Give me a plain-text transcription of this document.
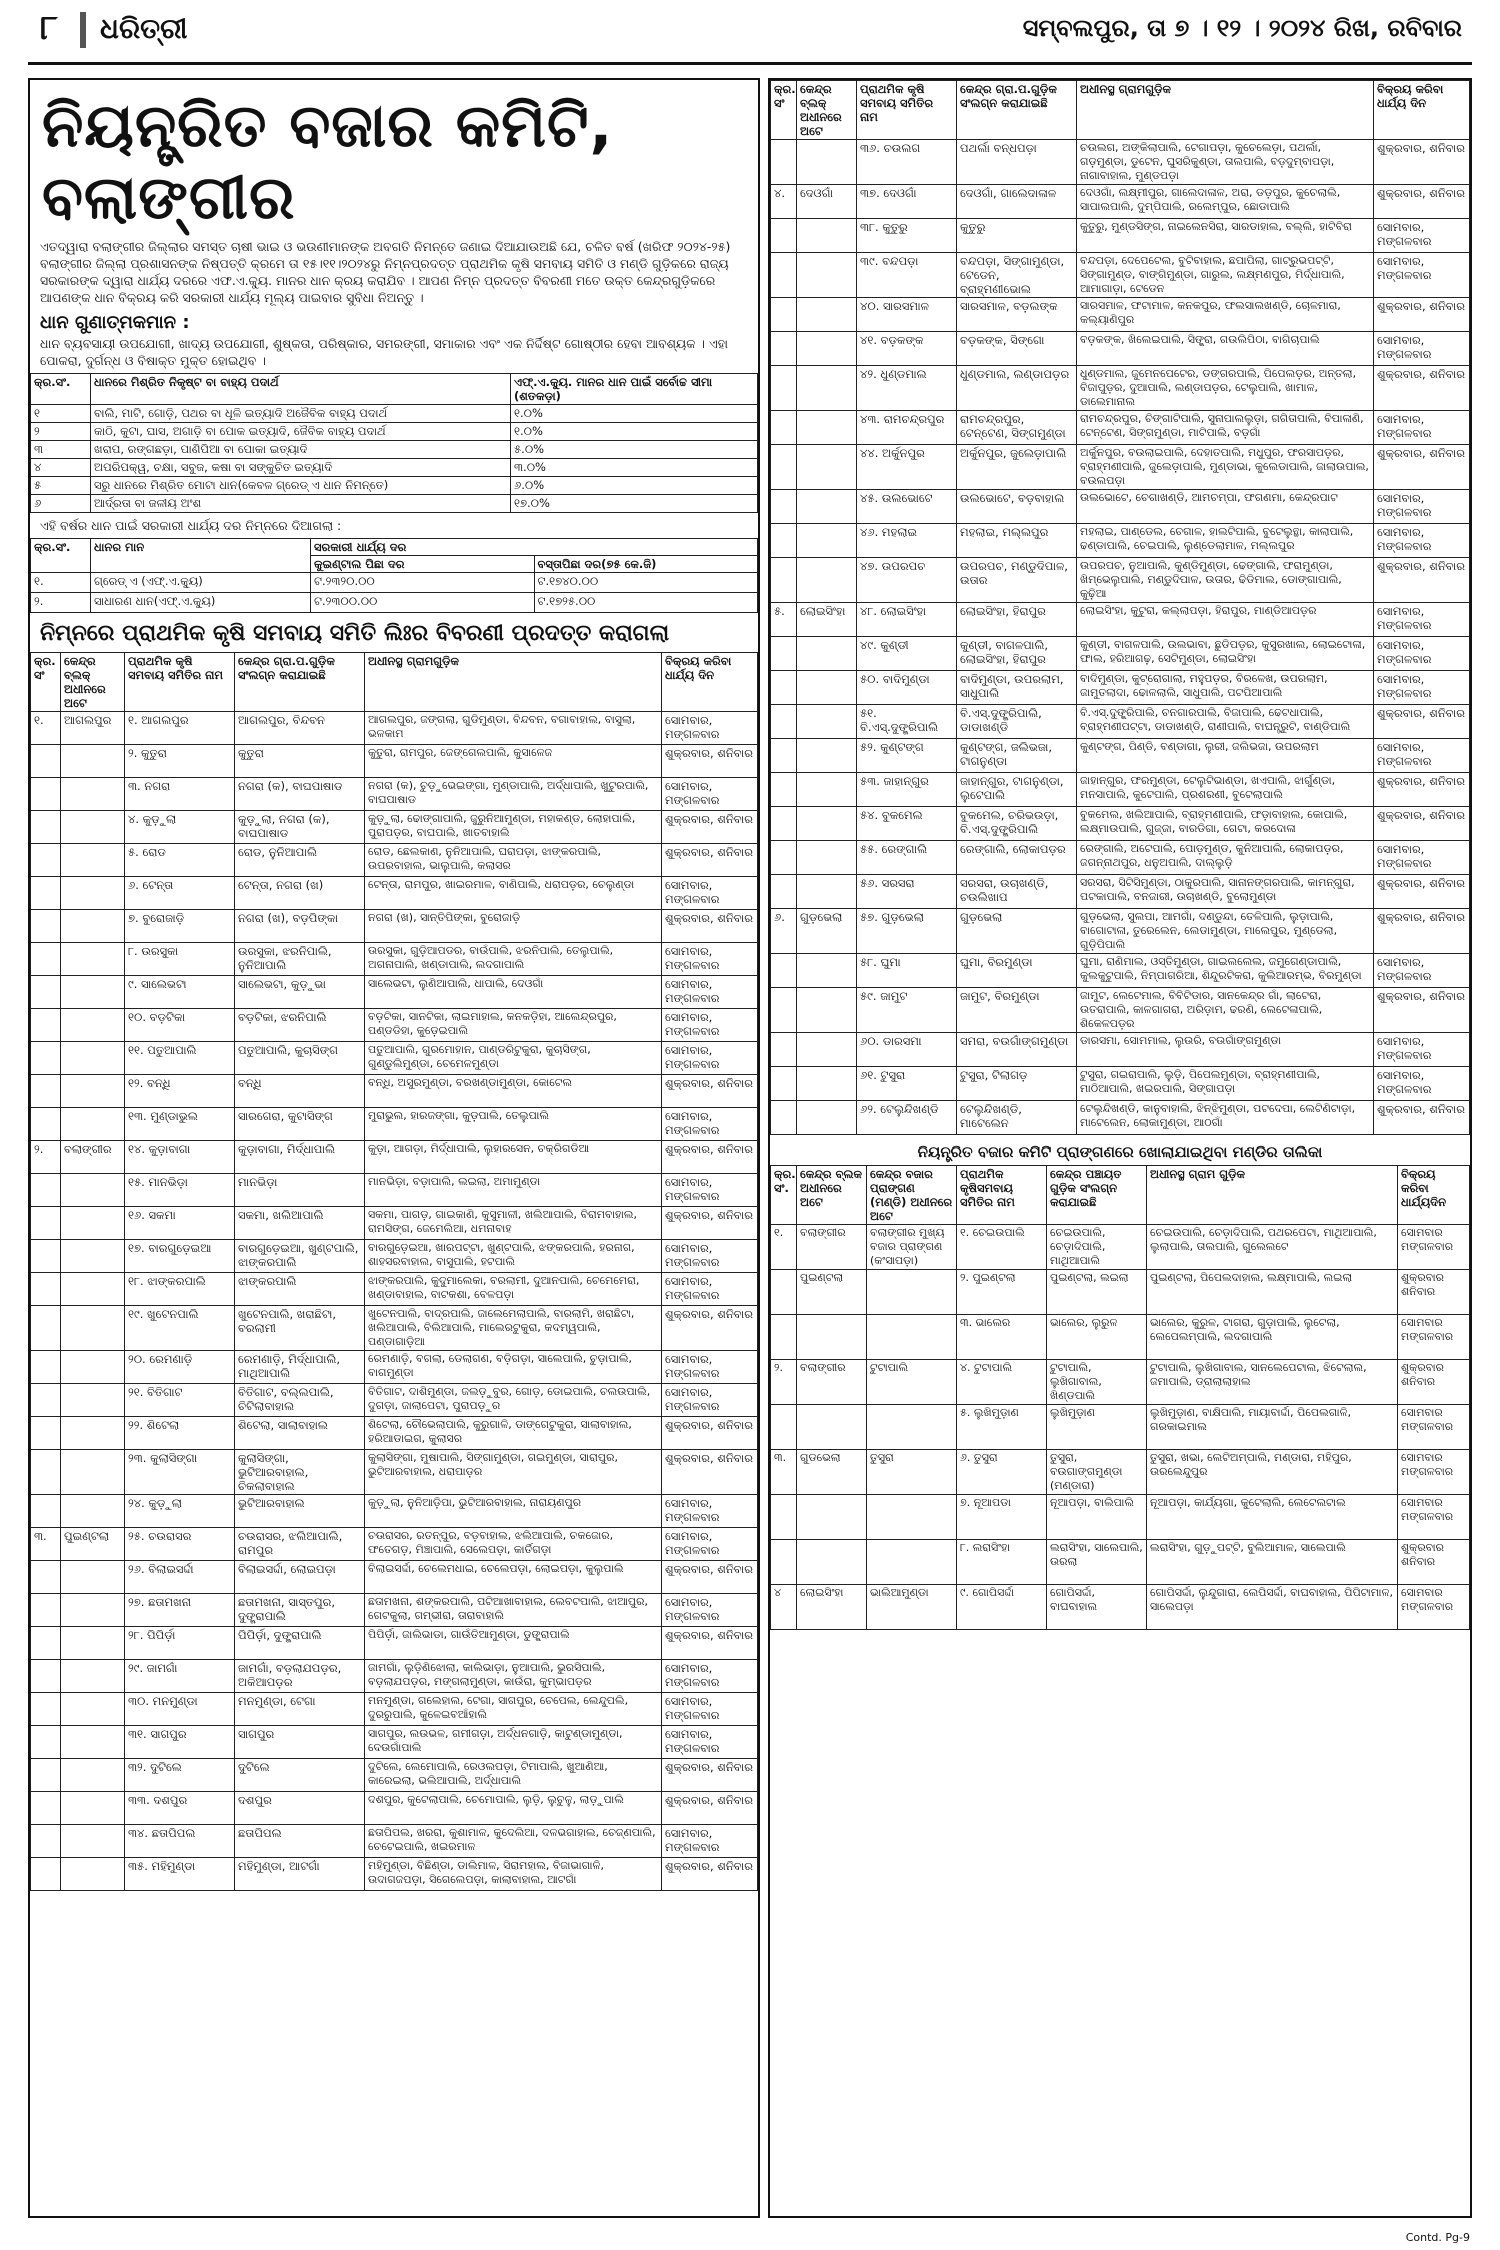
୮ ଧରିତ୍ରୀ	ସମ୍ବଲପୁର, ତା ୭ । ୧୨ । ୨୦୨୪ ରିଖ, ରବିବାର
ନିୟନ୍ତ୍ରିତ ବଜାର କମିଟି, ବଲାଙ୍ଗୀର
ଏତଦ୍ୱାରା ବଲାଙ୍ଗୀର ଜିଲ୍ଲାର ସମସ୍ତ ଚାଷୀ ଭାଇ ଓ ଭଉଣୀମାନଙ୍କ ଅବଗତି ନିମନ୍ତେ ଜଣାଇ ଦିଆଯାଉଅଛି ଯେ, ଚଳିତ ବର୍ଷ (ଖରିଫ ୨୦୨୪-୨୫) ବଲାଙ୍ଗୀର ଜିଲ୍ଲା ପ୍ରଶାସନଙ୍କ ନିଷ୍ପତ୍ତି କ୍ରମେ ତା ୧୫।୧୧।୨୦୨୪ରୁ ନିମ୍ନପ୍ରଦତ୍ତ ପ୍ରାଥମିକ କୃଷି ସମବାୟ ସମିତି ଓ ମଣ୍ଡି ଗୁଡ଼ିକରେ ରାଜ୍ୟ ସରକାରଙ୍କ ଦ୍ୱାରା ଧାର୍ଯ୍ୟ ଦରରେ ଏଫ.ଏ.କ୍ୟୁ. ମାନର ଧାନ କ୍ରୟ କରାଯିବ । ଆପଣ ନିମ୍ନ ପ୍ରଦତ୍ତ ବିବରଣୀ ମତେ ଉକ୍ତ କେନ୍ଦ୍ରଗୁଡ଼ିକରେ ଆପଣଙ୍କ ଧାନ ବିକ୍ରୟ କରି ସରକାରୀ ଧାର୍ଯ୍ୟ ମୂଲ୍ୟ ପାଇବାର ସୁବିଧା ନିଅନ୍ତୁ ।
ଧାନ ଗୁଣାତ୍ମକମାନ :
ଧାନ ବ୍ୟବସାୟୀ ଉପଯୋଗୀ, ଖାଦ୍ୟ ଉପଯୋଗୀ, ଶୁଷ୍କତା, ପରିଷ୍କାର, ସମରଙ୍ଗୀ, ସମାକାର ଏବଂ ଏକ ନିର୍ଦ୍ଦିଷ୍ଟ ଗୋଷ୍ଠୀର ହେବା ଆବଶ୍ୟକ । ଏହା ପୋକରା, ଦୁର୍ଗନ୍ଧ ଓ ବିଷାକ୍ତ ମୁକ୍ତ ହୋଇଥିବ ।
କ୍ର.ସଂ.	ଧାନରେ ମିଶ୍ରିତ ନିକୃଷ୍ଟ ବା ବାହ୍ୟ ପଦାର୍ଥ	ଏଫ୍.ଏ.କ୍ୟୁ. ମାନର ଧାନ ପାଇଁ ସର୍ବୋଚ୍ଚ ସୀମା (ଶତକଡ଼ା)
୧	ବାଲି, ମାଟି, ଗୋଡ଼ି, ପଥର ବା ଧୂଳି ଇତ୍ୟାଦି ଅଜୈବିକ ବାହ୍ୟ ପଦାର୍ଥ	୧.୦%
୨	କାଠି, କୁଟା, ଘାସ, ଅଗାଡ଼ି ବା ପୋକ ଇତ୍ୟାଦି, ଜୈବିକ ବାହ୍ୟ ପଦାର୍ଥ	୧.୦%
୩	ଖରାପ, ରଙ୍ଗଛଡ଼ା, ପାଣିପିଆ ବା ପୋକା ଇତ୍ୟାଦି	୫.୦%
୪	ଅପରିପକ୍ୱ, ଚକ୍ଷା, ସବୁଜ, କଷା ବା ସଙ୍କୁଚିତ ଇତ୍ୟାଦି	୩.୦%
୫	ସରୁ ଧାନରେ ମିଶ୍ରିତ ମୋଟା ଧାନ(କେବଳ ଗ୍ରେଡ୍ ଏ ଧାନ ନିମନ୍ତେ)	୬.୦%
୬	ଆର୍ଦ୍ରତା ବା ଜଳୀୟ ଅଂଶ	୧୭.୦%
ଏହି ବର୍ଷର ଧାନ ପାଇଁ ସରକାରୀ ଧାର୍ଯ୍ୟ ଦର ନିମ୍ନରେ ଦିଆଗଲା :
କ୍ର.ସଂ.	ଧାନର ମାନ	ସରକାରୀ ଧାର୍ଯ୍ୟ ଦର	
		କୁଇଣ୍ଟାଲ ପିଛା ଦର	ବସ୍ତାପିଛା ଦର(୭୫ କେ.ଜି)
୧.	ଗ୍ରେଡ୍ ଏ (ଏଫ୍.ଏ.କ୍ୟୁ)	ଟ.୨୩୨୦.୦୦	ଟ.୧୭୪୦.୦୦
୨.	ସାଧାରଣ ଧାନ(ଏଫ୍.ଏ.କ୍ୟୁ)	ଟ.୨୩୦୦.୦୦	ଟ.୧୭୨୫.୦୦
ନିମ୍ନରେ ପ୍ରାଥମିକ କୃଷି ସମବାୟ ସମିତି ଲିଃର ବିବରଣୀ ପ୍ରଦତ୍ତ କରାଗଲା
କ୍ର. ସଂ	କେନ୍ଦ୍ର ବ୍ଲକ୍ ଅଧୀନରେ ଅଟେ	ପ୍ରାଥମିକ କୃଷି ସମବାୟ ସମିତିର ନାମ	କେନ୍ଦ୍ର ଗ୍ରା.ପ.ଗୁଡ଼ିକ ସଂଲଗ୍ନ କରାଯାଇଛି	ଅଧୀନସ୍ଥ ଗ୍ରାମଗୁଡ଼ିକ	ବିକ୍ରୟ କରିବା ଧାର୍ଯ୍ୟ ଦିନ
୧.	ଆଗଲପୁର	୧. ଆଗଲପୁର	ଆଗଲପୁର, ବିନ୍ଦବନ	ଆଗଲପୁର, ଜଙ୍ଗଲା, ଗୁଡିମୁଣ୍ଡା, ବିନ୍ଦବନ, ବଗାବାହାଲ, ବାସୁଲା, ଭଳକାମ	ସୋମବାର, ମଙ୍ଗଳବାର
		୨. କୁତୁରା	କୁତୁରା	କୁତୁରା, ରାମପୁର, ଜେଙ୍ଗେଲପାଲି, କୁସାଳେଜ	ଶୁକ୍ରବାର, ଶନିବାର
		୩. ନଗରା	ନଗରା (କ), ବାଘପାଷାଡ	ନଗରା (କ), ଚୁଡ଼ୁଭେଇଙ୍ଗା, ମୁଣ୍ଡାପାଲି, ଅର୍ଦ୍ଧାପାଲି, ଖୁଟୁରପାଲି, ବାଘପାଷାଡ	ସୋମବାର, ମଙ୍ଗଳବାର
		୪. କୁଡ଼ୁଲା	କୁଡ଼ୁଲା, ନଗରା (କ), ବାଘପାଷାଡ	କୁଡ଼ୁଲା, ଢୋଙ୍ଗାପାଲି, ଜୁରୁନିଆମୁଣ୍ଡା, ମହାକଣ୍ଡ, ଲୋହାପାଲି, ପୁରାପଡ଼ର, ବାଘପାଲି, ଖାତବାହାଲି	ଶୁକ୍ରବାର, ଶନିବାର
		୫. ରୋଡ	ରୋଡ, ନୁନିଆପାଲି	ରୋଡ, ଛେଲକାଣ, ନୁନିଆପାଲି, ଘରାପଡ଼ା, ଝାଙ୍କରପାଲି, ଉପରବାହାଲ, ଭାଲୁପାଲି, କଲାସର	ଶୁକ୍ରବାର, ଶନିବାର
		୬. ଟେନ୍ତା	ଟେନ୍ତା, ନଗରା (ଖ)	ଟେନ୍ତା, ରାମପୁର, ଖାଇରମାଳ, ବାଣିପାଲି, ଧରାପଡ଼ର, ଚେଲୁଣ୍ଡା	ସୋମବାର, ମଙ୍ଗଳବାର
		୭. ବୁରୋଜାଡ଼ି	ନଗରା (ଖ), ବଡ଼ପିଙ୍କା	ନଗରା (ଖ), ସାନ୍ତିପିଙ୍କା, ବୁରୋଜାଡ଼ି	ଶୁକ୍ରବାର, ଶନିବାର
		୮. ଉରସୁକା	ଉରସୁକା, ଝରନିପାଲି, ନୁନିଆପାଲି	ଉରସୁକା, ଗୁଡ଼ିଆପଡର, ବାଉଁପାଲି, ଝରନିପାଲି, ତେଲୁପାଲି, ଅଗନାପାଲି, ଖଣ୍ଡାପାଲି, ଲଦଗାପାଲି	ସୋମବାର, ମଙ୍ଗଳବାର
		୯. ସାଲେଭଟା	ସାଲେଭଟା, କୁଡ଼ୁଭା	ସାଲେଭଟା, ଲୁଣିଆପାଲି, ଧାପାଲି, ଦେଓଗାଁ	ସୋମବାର, ମଙ୍ଗଳବାର
		୧୦. ବଡ଼ଟିକା	ବଡ଼ଟିକା, ଝରନିପାଲି	ବଡ଼ଟିକା, ସାନଟିକା, ଲାଇମାହାଲ, କନକଡ଼ିହା, ଆଲେନ୍ଦ୍ରପୁର, ପଣ୍ଡଡିହା, କୁଡ଼େଇପାଲି	ସୋମବାର, ମଙ୍ଗଳବାର
		୧୧. ପତୁଆପାଲି	ପତୁଆପାଲି, କୁଚାସିଙ୍ଗ	ପତୁଆପାଲି, ଗୁରମୋହାନ, ପାଣ୍ଡରିଟୁକୁରା, କୁଚାସିଙ୍ଗ, ଗୁଣ୍ଡୁଲିମୁଣ୍ଡା, ଚେମେଳମୁଣ୍ଡା	ସୋମବାର, ମଙ୍ଗଳବାର
		୧୨. ବନ୍ଧି	ବନ୍ଧି	ବନ୍ଧି, ଅସୁରମୁଣ୍ଡା, ବରଖଣ୍ଡାମୁଣ୍ଡା, କୋଟେଲ	ଶୁକ୍ରବାର, ଶନିବାର
		୧୩. ମୁଣ୍ଡାଭୁଲ	ସାରଗେରା, କୁଟାସିଙ୍ଗ	ମୁରାଭୁଲ, ହାରଜଙ୍ଗା, କୁଡ଼ପାଲି, ତେଲୁପାଲି	ସୋମବାର, ମଙ୍ଗଳବାର
୨.	ବଲାଙ୍ଗୀର	୧୪. କୁଡ଼ାବାଗା	କୁଡ଼ାବାଗା, ମିର୍ଦ୍ଧାପାଲି	କୁଡ଼ା, ଆଗଡ଼ା, ମିର୍ଦ୍ଧାପାଲି, ଲୁହାରସେନ, ଚକ୍ରିଗଡିଆ	ଶୁକ୍ରବାର, ଶନିବାର
		୧୫. ମାନଭିଡ଼ା	ମାନଭିଡ଼ା	ମାନଭିଡ଼ା, ବଡ଼ାପାଲି, ଲଇଲା, ଅମାମୁଣ୍ଡା	ସୋମବାର, ମଙ୍ଗଳବାର
		୧୬. ସକମା	ସକମା, ଖଲିଆପାଲି	ସକମା, ପାଗଡ଼, ଗାଇକାଣି, କୁସୁମାଳୀ, ଖଲିଆପାଲି, ବିରାମବାହାଲ, ରାମସିଙ୍ଗ, ଜେମେଲିଆ, ଧମନାବାହ	ଶୁକ୍ରବାର, ଶନିବାର
		୧୭. ବାରଗୁଡ଼େଇଆ	ବାରଗୁଡ଼େଇଆ, ଖୁଣ୍ଟପାଲି, ଝାଙ୍କରପାଲି	ବାରଗୁଡ଼େଇଆ, ଖାରପଟ୍ଟା, ଖୁଣ୍ଟପାଲି, ଝଙ୍କରପାଲି, ହରନାଗ, ଶାହସରବାହାଲ, ବାସୁପାଲି, ହଟପାଲି	ସୋମବାର, ମଙ୍ଗଳବାର
		୧୮. ଝାଙ୍କରପାଲି	ଝାଙ୍କରପାଲି	ଝାଙ୍କରପାଲି, କୁଦୁମାଲେକା, ବରଲାମୀ, ଦୁଆନପାଲି, ଚେମେମେରା, ଖଣ୍ଡାବାହାଲ, ବାଟକଶା, ବେଳପଡ଼ା	ସୋମବାର, ମଙ୍ଗଳବାର
		୧୯. ଖୁଟେନପାଲି	ଖୁଟେନପାଲି, ଖରାଛିଟା, ବରଲାମୀ	ଖୁଟେନପାଲି, ବାଦ୍ରପାଲି, ଜାଲେମେଲାପାଲି, ବାରଲାମି, ଖରାଛିଟା, ଖଲିଆପାଲି, ବିଲିଆପାଲି, ମାଲେରଟୁକୁରା, କଦମ୍ୱପାଲି, ପଣ୍ଡାଗାଡ଼ିଆ	ଶୁକ୍ରବାର, ଶନିବାର
		୨୦. ରେମଣାଡ଼ି	ରେମଣାଡ଼ି, ମିର୍ଦ୍ଧାପାଲି, ମାଥିଆପାଲି	ରେମଣାଡ଼ି, ବଗଲା, ଡେଲାଗଣ, ବଡ଼ିଗଡ଼ା, ସାଲେପାଲି, ଚୁଡ଼ାପାଲି, ବାଗମୁଣ୍ଡା	ସୋମବାର, ମଙ୍ଗଳବାର
		୨୧. ବିତିଗାଟ	ବିତିଗାଟ, ବଲ୍ଲପାଲି, ଚିଟିଲାବାହାଲ	ବିତିଗାଟ, ଦାଶିମୁଣ୍ଡା, ଜଲଡ଼ୁବୁର, ଗୋଡ଼, ଡୋଇପାଲି, ଚଲଉପାଲି, ଦୁଗଡ଼ା, ଜାଲାପେଟା, ପୁରାପଡ଼ୁର	ସୋମବାର, ମଙ୍ଗଳବାର
		୨୨. ଶିଟେଲା	ଶିଟେଲା, ସାଲାବାହାଲ	ଶିଟେଲା, ଚୌଭେଲାପାଲି, କୁରୁଗାଳି, ଡାଙ୍ଗେଟୁକୁରା, ସାଲାବାହାଲ, ହରିଆଡାଇଗ, କୁଲାସର	ଶୁକ୍ରବାର, ଶନିବାର
		୨୩. କୁଲାସିଙ୍ଗା	କୁଲାସିଙ୍ଗା, ଭୁଟିଆରବାହାଲ, ଚିକଲାବାହାଲ	କୁଲାସିଙ୍ଗା, ମୁଷାପାଲି, ସିଙ୍ଗାମୁଣ୍ଡା, ଗଇମୁଣ୍ଡା, ସାରାପୁର, ଭୁଟିଆରବାହାଲ, ଧରାପାଡ଼ର	ଶୁକ୍ରବାର, ଶନିବାର
		୨୪. କୁଡ଼ୁଲା	ଭୁଟିଆରବାହାଲ	କୁଡ଼ୁଲା, ନୁନିଆଡ଼ିପା, ଭୁଟିଆରବାହାଲ, ନାରାୟଣପୁର	ସୋମବାର, ମଙ୍ଗଳବାର
୩.	ପୁଇଣ୍ଟଲା	୨୫. ଚଉରାସର	ଚଉରାସର, ଝଲିଆପାଲି, ରାମପୁର	ଚଉରାସର, ରତନ୍ପୁର, ବଡ଼ବାହାଲ, ଝଲିଆପାଲି, ଚକଜୋର, ଫତେଗଡ଼, ମିଞ୍ଚାପାଲି, ସେଲେପଡ଼ା, କାର୍ତିଗଡ଼ା	ସୋମବାର, ମଙ୍ଗଳବାର
		୨୬. ବିଲାଇସର୍ଦ୍ଦା	ବିଲାଇସର୍ଦ୍ଦା, ଲୋଇପଡ଼ା	ବିଲାଇସର୍ଦ୍ଦା, ଚେଲେମଧାଇ, ଚେଲେପଡ଼ା, ଲୋଇପଡ଼ା, କୁଲୁପାଲି	ଶୁକ୍ରବାର, ଶନିବାର
		୨୭. ଛତାମଖନା	ଛତାମଖନା, ସାସ୍ତପୁର, ଦୁଙ୍ଗ୍ରାପାଲି	ଛତାମଖନା, ଶଙ୍କରପାଲି, ପଟିଆଖାବାହାଲ, ଲେବଟପାଲି, ଝାଆପୁର, ଗେଟକୁଲା, ଗମ୍ଭୀରା, ତାରାବାହାଲି	ସୋମବାର, ମଙ୍ଗଳବାର
		୨୮. ପିପିର୍ଡ଼ା	ପିପିର୍ଡ଼ା, ଦୁଙ୍ଗ୍ରାପାଲି	ପିପିର୍ଡ଼ା, ଜାଲିଭାଡା, ଗାଉଁତିଆମୁଣ୍ଡା, ଡୁଙ୍ଗ୍ରାପାଲି	ଶୁକ୍ରବାର, ଶନିବାର
		୨୯. ଜାମଗାଁ	ଜାମଗାଁ, ବଡ଼ଲାଯପଡ଼ର, ଅକିଆପଡ଼ର	ଜାମଗାଁ, ଲୁଡ଼ିଣିଝୋଲା, କାଲିଭାଡ଼ା, ନୁଆପାଲି, ଭୁରସିପାଲି, ବଡ଼ଲାଯପଡ଼ର, ମଙ୍ଗଲାମୁଣ୍ଡା, କାଉଁରା, କୁମ୍ଭାପଡ଼ର	ସୋମବାର, ମଙ୍ଗଳବାର
		୩୦. ମନମୁଣ୍ଡା	ମନମୁଣ୍ଡା, ଟେଗା	ମନମୁଣ୍ଡା, ଗଲେହାଲ, ଟେଗା, ସାଗପୁର, ଚେପେଲ, ଲେନ୍ଦୁପଲି, ଦୁରରୁପାଲି, କୁଳେଇବଆଁହାଲି	ସୋମବାର, ମଙ୍ଗଳବାର
		୩୧. ସାଗପୁର	ସାଗପୁର	ସାଗପୁର, ଲଉଭଳ, ଗମୀଗଡ଼ା, ଅର୍ଦ୍ଧନଗାଡ଼ି, କାଟୁଣ୍ଡାମୁଣ୍ଡା, ଦେଉଗାଁପାଲି	ସୋମବାର, ମଙ୍ଗଳବାର
		୩୨. ଦୁଟିଲେ	ଦୁଟିଲେ	ଦୁଟିଲେ, ଲେମୋପାଲି, ରେଓଲପଡ଼ା, ଟିମାପାଲି, ଖୁଆଣିଆ, କାରେଇଲା, ଭଲିଆପାଲି, ଅର୍ଦ୍ଧାପାଲି	ଶୁକ୍ରବାର, ଶନିବାର
		୩୩. ଦଶପୁର	ଦଶପୁର	ଦଶପୁର, କୁଟେଲାପାଲି, ଚେମୋପାଲି, ଲୁଡ଼ି, ଲୁଚୁଳୁ, ଲାଡ଼ୁପାଲି	ଶୁକ୍ରବାର, ଶନିବାର
		୩୪. ଛତାପିପଲ	ଛତାପିପଲ	ଛତାପିପଲ, ଖରରା, କୁଶାମାଳ, କୁଦେଲିଆ, ଦଳଭଗାହାଲ, ଚେଜ୍ଣପାଲି, ଚେଟେଇପାଲି, ଖଇରମାଳ	ସୋମବାର, ମଙ୍ଗଳବାର
		୩୫. ମହିମୁଣ୍ଡା	ମହିମୁଣ୍ଡା, ଆଟଗାଁ	ମହିମୁଣ୍ଡା, ବିଛିଣ୍ଡା, ଡାଲିମାଳ, ସିରାମହାଲ, ବିଜାଭାଗାଳି, ଉଦାଗଜପଡ଼ା, ସିଗେଲେପଡ଼ା, କାଲାବାହାଲ, ଆଟଗାଁ	ଶୁକ୍ରବାର, ଶନିବାର
କ୍ର. ସଂ	କେନ୍ଦ୍ର ବ୍ଲକ୍ ଅଧୀନରେ ଅଟେ	ପ୍ରାଥମିକ କୃଷି ସମବାୟ ସମିତିର ନାମ	କେନ୍ଦ୍ର ଗ୍ରା.ପ.ଗୁଡ଼ିକ ସଂଲଗ୍ନ କରାଯାଇଛି	ଅଧୀନସ୍ଥ ଗ୍ରାମଗୁଡ଼ିକ	ବିକ୍ରୟ କରିବା ଧାର୍ଯ୍ୟ ଦିନ
		୩୬. ଚଉଲଗ	ପଥର୍ଲା ବନ୍ଧପଡ଼ା	ଚଉଲଗ, ଅଙ୍କିଲାପାଲି, ଟେଗାପଡ଼ା, କୁଚେଲେଡ଼ା, ପଥର୍ଲା, ଗଡ଼ମୁଣ୍ଡା, ଡୁଟେନ, ଘୁସରିକୁଣ୍ଡା, ତାଲପାଲି, ବଡ଼ଦୁମ୍ବାପଡ଼ା, ନାଗାବାହାଲ, ମୁଣ୍ଡପଡ଼ା	ଶୁକ୍ରବାର, ଶନିବାର
୪.	ଦେଓଗାଁ	୩୭. ଦେଓଗାଁ	ଦେଓଗାଁ, ଗାଲେଦାଳାଳ	ଦେଓଗାଁ, ଲକ୍ଷ୍ମୀପୁର, ଗାଲେଦାଳାଳ, ଅରା, ଡଡ଼ପୁର, କୁଚେଲାଲି, ସାପାଲପାଲି, ଦୁମ୍ପିପାଲି, ରଲେମ୍ପୁର, ଛୋଡାପାଲି	ଶୁକ୍ରବାର, ଶନିବାର
		୩୮. କୁତୁରୁ	କୁତୁରୁ	କୁତୁରୁ, ମୁଣ୍ଡସିଙ୍ଗ, ନାଇଲେନସିରା, ସାରଡାହାଲ, ବଲ୍ଲି, ହାଟିବିରା	ସୋମବାର, ମଙ୍ଗଳବାର
		୩୯. ବନ୍ଦପଡ଼ା	ବନ୍ଦପଡ଼ା, ସିଙ୍ଗାମୁଣ୍ଡା, ଟେଡେନ, ବ୍ରାହ୍ମଣୀଭୋଲ	ବନ୍ଦପଡ଼ା, ଦେପେଟେଲ, ବୁଟିବାହାଲ, ଛପାପିଲା, ଗାଟ୍ରୁଭପଟ୍ଟି, ସିଙ୍ଗାମୁଣ୍ଡ, ବାଙ୍ଗିମୁଣ୍ଡା, ଗାରୁଲ, ଲକ୍ଷ୍ମଣପୁର, ମିର୍ଦ୍ଧାପାଲି, ଆମାଗାଡ଼ା, ଟେଡେନ	ସୋମବାର, ମଙ୍ଗଳବାର
		୪୦. ସାରସମାଳ	ସାରସମାଳ, ବଡ଼ଲଙ୍କ	ସାରସମାଳ, ଫଟାମାଳ, କନକପୁର, ଫଲସାଲଖଣ୍ଡି, ଚୋଳମାରା, କଲ୍ୟାଣିପୁର	ଶୁକ୍ରବାର, ଶନିବାର
		୪୧. ବଡ଼କଙ୍କ	ବଡ଼କଙ୍କ, ସିଙ୍ଗୋ	ବଡ଼କଙ୍କ, ଖିଲେଇପାଲି, ସିଙ୍ଗ୍ରା, ଗଉଲିପିଠା, ବାଗିଚାପାଲି	ସୋମବାର, ମଙ୍ଗଳବାର
		୪୨. ଧୁଣ୍ଡମାଲ	ଧୁଣ୍ଡମାଲ, ଲଣ୍ଡାପଡ଼ର	ଧୁଣ୍ଡମାଲ, ଜୁମେନପେଟେର, ଡଙ୍ଗରପାଲି, ପିପେଲଡ଼ର, ଅନ୍ତଲା, ବିଜାପୁଡ଼ର, ଦୁଆପାଲି, ଲଣ୍ଡାପଡ଼ର, ଟେଲୁପାଲି, ଖାମାଳ, ଡାଲେମାନାଲ	ଶୁକ୍ରବାର, ଶନିବାର
		୪୩. ରାମଚନ୍ଦ୍ରପୁର	ରାମଚନ୍ଦ୍ରପୁର, ଟେନ୍ଟେଣ, ସିଙ୍ଗମୁଣ୍ଡା	ରାମଚନ୍ଦ୍ରପୁର, ଚିଙ୍ଗାଟିପାଲି, ସୁନାପାଲଲୁଡ଼ା, ଗଗିତାପାଲି, ବିପାଳାଣି, ଟେନ୍ଟେଣ, ସିଙ୍ଗମୁଣ୍ଡା, ମାଟିପାଲି, ବଡ଼ଗାଁ	ସୋମବାର, ମଙ୍ଗଳବାର
		୪୪. ଅର୍କୁନପୁର	ଅର୍କୁନପୁର, ଜୁଲେଡ଼ାପାଲି	ଅର୍କୁନପୁର, ବଉଲାଇପାଲି, ଦେହାତପାଲି, ମଧୁପୁର, ଫରସାପଡ଼ର, ବ୍ରାହ୍ମଣୀପାଲି, ଜୁଲେଡ଼ାପାଲି, ମୁଣ୍ଡାଭା, କୁଲେଡାପାଲି, ଜାଲାଉପାଲ, ବଉଲପଡ଼ା	ଶୁକ୍ରବାର, ଶନିବାର
		୪୫. ଉଲଭୋଟେ	ଉଲଭୋଟେ, ବଡ଼ବାହାଲ	ଉଲଭୋଟେ, ଚେଗାଖଣ୍ଡି, ଆମଚମ୍ପା, ଫଗଣମା, କେନ୍ଦ୍ରପାଟ	ସୋମବାର, ମଙ୍ଗଳବାର
		୪୬. ମହଲାଇ	ମହଲାଇ, ମଲ୍ଲପୁର	ମହଲାଇ, ପାଣ୍ଡେଲ, ଚେଗାଳ, ହାଲଟିପାଲି, ବୁଟେଲୁନ୍ଥା, କାଲାପାଲି, ଢଣ୍ଡାପାଲି, ଚେଇପାଲି, ଲୁଣ୍ଡେଲାମାଳ, ମଲ୍ଲପୁର	ସୋମବାର, ମଙ୍ଗଳବାର
		୪୭. ଉପରପଚ	ଉପରପଚ, ମଣ୍ଡୁଦିପାଳ, ଉତାର	ଉପରପଚ, ନୁଆପାଲି, କୁଣ୍ଡିମୁଣ୍ଡା, ଢେଙ୍ଗାଲି, ଫରାମୁଣ୍ଡା, ଖିମ୍ଭେଲୁପାଲି, ମଣ୍ଡୁଦିପାଳ, ଉତାର, ଢିଡିମାଲ, ଡୋଙ୍ଗାପାଲି, କୁଢ଼ିଆ	ଶୁକ୍ରବାର, ଶନିବାର
୫.	ଲୋଇସିଂହା	୪୮. ଲୋଇସିଂହା	ଲୋଇସିଂହା, ହିରାପୁର	ଲୋଇସିଂହା, କୁଟୁରା, କଲ୍ଲାପଡ଼ା, ହିରାପୁର, ମାଣ୍ଡିଆପଡ଼ର	ସୋମବାର, ମଙ୍ଗଳବାର
		୪୯. କୁଣ୍ଡୀ	କୁଣ୍ଡୀ, ବାଗଳପାଲି, ଲୋଇସିଂହା, ହିରାପୁର	କୁଣ୍ଡୀ, ବାଗଳପାଲି, ଉଲଭାବା, ଛୁଡିପଡ଼ର, କୁସୁରଖାଲ, ଲୋଇଟୋଳା, ଫାଲ, ହରିଆଗଢ଼, ସେଟିମୁଣ୍ଡା, ଲୋଇସିଂହା	ସୋମବାର, ମଙ୍ଗଳବାର
		୫୦. ବାଦିମୁଣ୍ଡା	ବାଦିମୁଣ୍ଡା, ଉପରଲାମ, ସାଧୁପାଲି	ବାଦିମୁଣ୍ଡା, କୁଟ୍ରୋଗାଲା, ମହୁପଡ଼ର, ବିରଳେଖ, ଉପରଲାମ, ଜାମୁତଲାଦା, ଢୋଳଲାଲି, ସାଧୁପାଲି, ପଟପିଆପାଲି	ସୋମବାର, ମଙ୍ଗଳବାର
		୫୧. ବି.ଏସ୍.ଦୁଙ୍ଗ୍ରିପାଲି	ବି.ଏସ୍.ଦୁଙ୍ଗ୍ରିପାଲି, ଡାଡାଖଣ୍ଡି	ବି.ଏସ୍.ଦୁଙ୍ଗ୍ରିପାଲି, ଚନଗାରପାଲି, ବିଜାପାଲି, ଢେଟଧାପାଲି, ବ୍ରାହ୍ମଣୀପଟ୍ଟା, ଡାଡାଖଣ୍ଡି, ରାଣୀପାଲି, ବାଘନ୍ତ୍ରୁଟି, ବାଣ୍ଡିପାଲି	ଶୁକ୍ରବାର, ଶନିବାର
		୫୨. କୁଣ୍ଟଙ୍ଗ	କୁଣ୍ଟଙ୍ଗ, ଜଲିଭଜା, ଟାଗନୁଣ୍ଡା	କୁଣ୍ଟଙ୍ଗ, ପିଣ୍ଡି, ବଣ୍ଡାଗା, ଲୁରୀ, ଜଲିଭଜା, ଉପରଲାମ	ସୋମବାର, ମଙ୍ଗଳବାର
		୫୩. ଜାହାନ୍ଗୁର	ଜାହାନ୍ଗୁର, ଟାଗନୁଣ୍ଡା, ଲୁଟେପାଲି	ଜାହାନ୍ଗୁର, ଫରମୁଣ୍ଡା, ଟେଲୁଟିଭାଣ୍ଡା, ଖଏପାଲି, ଝାର୍ଗୁଣ୍ଡା, ମନସାପାଲି, କୁଟେପାଲି, ପ୍ରଶରଣୀ, ବୁଟେଲାପାଲି	ଶୁକ୍ରବାର, ଶନିବାର
		୫୪. ବୁକମେଲ	ବୁକମେଲ, ଚରିଭଉଡ଼ା, ବି.ଏସ୍.ଦୁଙ୍ଗ୍ରିପାଲି	ବୁକମେଲ, ଖଲିଆପାଲି, ବ୍ରାହ୍ମଣୀପାଲି, ଫଡ଼ାବାହାଲ, କୋପାଲି, ଲକ୍ଷ୍ମାଉପାଲି, ଗୁଜ୍ଜା, ବାରଡିଗା, ଗେଟା, କରଦୋଳା	ଶୁକ୍ରବାର, ଶନିବାର
		୫୫. ରେଙ୍ଗାଲି	ରେଙ୍ଗାଲି, ଲୋକାପଡ଼ର	ରେଙ୍ଗାଲି, ଅଟେପାଲି, ପୋଡ଼ମୁଣ୍ଡ, କୁନିଆପାଲି, ଲୋକାପଡ଼ର, ଜଗନ୍ନାଥପୁର, ଧନୁଅପାଲି, ଦାଲ୍ଲୁଡ଼ି	ସୋମବାର, ମଙ୍ଗଳବାର
		୫୬. ସରସରା	ସରସରା, ଉଚାଖଣ୍ଡି, ଚଉଲିଖାପ	ସରସରା, ସିଟିସିମୁଣ୍ଡା, ଠାକୁରପାଲି, ସାନାନଙ୍ଗରପାଲି, କାମନ୍ଗୁରା, ପଟକାପାଲି, ବନଜାରୀ, ଉଚାଖଣ୍ଡି, ବୁଲୋମୁଣ୍ଡା	ଶୁକ୍ରବାର, ଶନିବାର
୬.	ଗୁଡ଼ଭେଲା	୫୭. ଗୁଡ଼ଭେଲା	ଗୁଡ଼ଭେଲା	ଗୁଡ଼ଭେଲା, ସୁଲପା, ଆମଗାଁ, ଦଣ୍ଡୁନ୍ଦା, ତେଳିପାଲି, ଲୁଡ଼ାପାଲି, ବାଗୋଟାଳା, ତୁରେଲେନ, ଲେଡାମୁଣ୍ଡା, ମାଲେପୁର, ମୁଣ୍ଡେଲା, ଗୁଡ଼ିପିପାଲି	ଶୁକ୍ରବାର, ଶନିବାର
		୫୮. ଘୁମା	ଘୁମା, ବିରମୁଣ୍ଡା	ଘୁମା, ରାଣିମାଲ, ଓସ୍ତିମୁଣ୍ଡା, ଗାଇଲଲେଲ, ଜମୁଗେଣ୍ଡାପାଲି, କୁଲକୁଟୁପାଲି, ନିମ୍ପାଗରିଆ, ଶିନ୍ଦୁରଟିକରା, କୁଲିଆରମ୍ଭ, ବିରମୁଣ୍ଡା	ସୋମବାର, ମଙ୍ଗଳବାର
		୫୯. ଜାମୁଟ	ଜାମୁଟ, ବିରମୁଣ୍ଡା	ଜାମୁଟ, ଲେଟେମାଲ, ବିବିଟିଡାର, ସାନକେନ୍ଦ୍ର ଗାଁ, ଲାଟେରା, ଉତରାପାଲି, କାଳଗାଗରା, ଅରିଡ଼ାମ, ଢରଣି, ଲେଟେଳାପାଲି, ଶିକେଳପଡ଼ର	ଶୁକ୍ରବାର, ଶନିବାର
		୬୦. ଡାରସମା	ସମରା, ବଉଗାଁଙ୍ଗମୁଣ୍ଡା	ଡାରସମା, ସୋମମାଲ, ଲୁଉରି, ବଉଗାଁଙ୍ଗମୁଣ୍ଡା	ସୋମବାର, ମଙ୍ଗଳବାର
		୬୧. ଟୁସୁରା	ଟୁସୁରା, ଟିଲାଗଡ଼	ଟୁସୁରା, ଗଇରାପାଲି, ଲୁଡ଼ି, ପିପେଲମୁଣ୍ଡା, ବ୍ରାହ୍ମଣୀପାଲି, ମାଠିଆପାଲି, ଖଇରପାଲି, ସିଙ୍ଗାପଡ଼ା	ସୋମବାର, ମଙ୍ଗଳବାର
		୬୨. ଟେଲୁନ୍ଦିଖଣ୍ଡି	ଟେଲୁନ୍ଦିଖଣ୍ଡି, ମାଟେଲେନ	ଟେଲୁନ୍ଦିଖଣ୍ଡି, କାନୁବାହାଲି, ଝିନ୍ଝିମୁଣ୍ଡା, ପଟଦେପା, ଲେଟିଣିଟାଡ଼ା, ମାଟେଲେନ, ଲୋକାମୁଣ୍ଡା, ଆଠଗାଁ	ଶୁକ୍ରବାର, ଶନିବାର
ନିୟନ୍ତ୍ରିତ ବଜାର କମିଟି ପ୍ରାଙ୍ଗଣରେ ଖୋଲାଯାଇଥିବା ମଣ୍ଡିର ତାଲିକା
କ୍ର. ସଂ.	କେନ୍ଦ୍ର ବ୍ଲକ ଅଧୀନରେ ଅଟେ	କେନ୍ଦ୍ର ବଜାର ପ୍ରାଙ୍ଗଣ (ମଣ୍ଡି) ଅଧୀନରେ ଅଟେ	ପ୍ରାଥମିକ କୃଷିସମବାୟ ସମିତିର ନାମ	କେନ୍ଦ୍ର ପଞ୍ଚାୟତ ଗୁଡ଼ିକ ସଂଲଗ୍ନ କରାଯାଇଛି	ଅଧୀନସ୍ଥ ଗ୍ରାମ ଗୁଡ଼ିକ	ବିକ୍ରୟ କରିବା ଧାର୍ଯ୍ୟଦିନ
୧.	ବଲାଙ୍ଗୀର	ବଲାଙ୍ଗୀର ମୁଖ୍ୟ ବଜାର ପ୍ରାଙ୍ଗଣ (କଂସାପଡ଼ା)	୧. ଚେଇଉପାଲି	ଚେଇଉପାଲି, ଚେଡ଼ାଦିପାଲି, ମାଥିଆପାଲି	ଚେଇଉପାଲି, ଚେଡ଼ାଦିପାଲି, ପଥରପେଟା, ମାଥିଆପାଲି, ଲୁଲାପାଲି, ତାଲପାଲି, ଗୁଲେଲଟେ	ସୋମବାର ମଙ୍ଗଳବାର
	ପୁଇଣ୍ଟଲା		୨. ପୁଇଣ୍ଟଲା	ପୁଇଣ୍ଟଲା, ଲଇଲା	ପୁଇଣ୍ଟଲା, ପିପେଲଦାହାଲ, ଲକ୍ଷ୍ମାପାଲି, ଲଇଲା	ଶୁକ୍ରବାର ଶନିବାର
			୩. ଭାଲେର	ଭାଲେର, ଲୁରୁଳ	ଭାଲେର, କୁରୁଳ, ଟାଗରା, ଗୁଡ଼ାପାଲି, ଲୁଟେଲା, ଲେପେଲମ୍ପାଲି, ଲଦଗାପାଲି	ସୋମବାର ମଙ୍ଗଳବାର
୨.	ବଲାଙ୍ଗୀର	ଟୁଟାପାଲି	୪. ଟୁଟାପାଲି	ଟୁଟାପାଲି, ଲୁଖିଗାବାଲ, ଖିଣ୍ଡପାଲି	ଟୁଟାପାଲି, ଲୁଖିଗାବାଲ, ସାନଲେପେଟାଲ, ଝିଟେଲାଲ, ଜମାପାଲି, ଡ୍ରାଲାଲାହାଲ	ଶୁକ୍ରବାର ଶନିବାର
			୫. ଲୁଖିମୁଡ଼ାଣ	ଲୁଖିମୁଡ଼ାଣ	ଲୁଖିମୁଡ଼ାଣ, ବାକ୍ଷିପାଲି, ମାୟାବାର୍ଦ୍ଦା, ପିପେଲଗାଳି, ଗରକାଇମାଲ	ସୋମବାର ମଙ୍ଗଳବାର
୩.	ଗୁଡଭେଲା	ତୁସୁରା	୬. ତୁସୁରା	ତୁସୁରା, ବଉଗାଙ୍ଗମୁଣ୍ଡା (ମଣ୍ଡାରା)	ତୁସୁରା, ଖଭା, ଲେଟିଅମ୍ପାଲି, ମଣ୍ଡାରା, ମହିପୁର, ଉରଲେନ୍ଦୁପୁର	ସୋମବାର ମଙ୍ଗଳବାର
			୭. ନୂଆପଡା	ନୂଆପଡ଼ା, ବାଲିପାଲି	ନୂଆପଡ଼ା, କାର୍ଯ୍ୟଗା, କୁଟେଲାଲି, ଲେଟେଲଟାଲ	ସୋମବାର ମଙ୍ଗଳବାର
			୮. ଲରାସିଂହା	ଲରାସିଂହା, ସାଲେପାଲି, ଉରଲା	ଲରାସିଂହା, ଗୁଡ଼ୁପଟ୍ଟି, ବୁଲିଆମାଳ, ସାଲେପାଲି	ଶୁକ୍ରବାର ଶନିବାର
୪	ଲୋଇସିଂହା	ଭାଲିଆମୁଣ୍ଡା	୯. ଗୋପିସର୍ଦ୍ଦା	ଗୋପିସର୍ଦ୍ଦା, ବାଘବାହାଲ	ଗୋପିସର୍ଦ୍ଦା, ଲୁନ୍ଦୁଗାରା, ଲେପିସର୍ଦ୍ଦା, ବାଘବାହାଲ, ପିପିଟାମାଳ, ସାଲେପଡ଼ା	ସୋମବାର ମଙ୍ଗଳବାର
Contd. Pg-9
